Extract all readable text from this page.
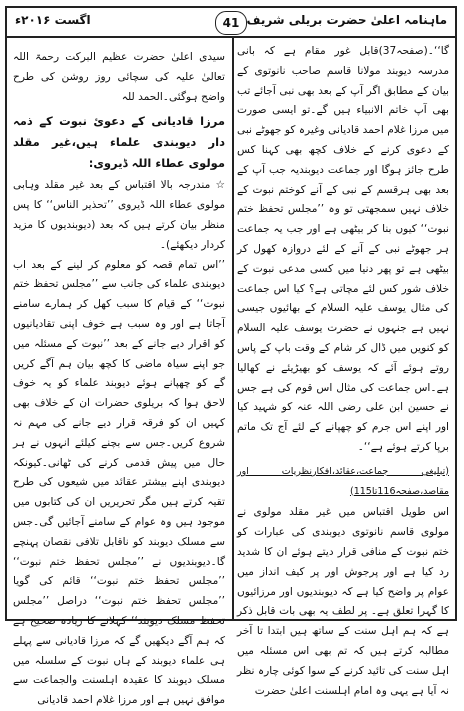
ماہنامہ اعلیٰ حضرت بریلی شریف
41
اگست ۲۰۱۶ء

سیدی اعلیٰ حضرت عظیم البرکت رحمۃ اللہ تعالیٰ علیہ کی سچائی روز روشن کی طرح واضح ہوگئی۔الحمد للہ

مرزا قادیانی کے دعوئ نبوت کے ذمہ دار دیوبندی علماء ہیں،غیر مقلد مولوی عطاء اللہ ڈیروی:

☆ مندرجہ بالا اقتباس کے بعد غیر مقلد وہابی مولوی عطاء اللہ ڈیروی ’’تحذیر الناس‘‘ کا پس منظر بیان کرتے ہیں کہ بعد (دیوبندیوں کا مزید کردار دیکھئے)۔

’’اس تمام قصہ کو معلوم کر لینے کے بعد اب دیوبندی علماء کی جانب سے ’’مجلس تحفظ ختم نبوت‘‘ کے قیام کا سبب کھل کر ہمارے سامنے آجاتا ہے اور وہ سبب ہے خوف اپنی تقادیانیوں کو اقرار دیے جانے کے بعد ’’نبوت کے مسئلہ میں جو اپنے سیاہ ماضی کا کچھ بیان ہم آگے کریں گے کو چھپانے ہوئے دیوبند علماء کو یہ خوف لاحق ہوا کہ بریلوی حضرات ان کے خلاف بھی کہیں ان کو فرقہ قرار دیے جانے کی مہم نہ شروع کریں۔جس سے بچنے کیلئے انہوں نے ہر حال میں پیش قدمی کرنے کی ٹھانی۔کیونکہ دیوبندی اپنے بیشتر عقائد میں شیعوں کی طرح تقیہ کرتے ہیں مگر تحریریں ان کی کتابوں میں موجود ہیں وہ عوام کے سامنے آجائیں گی۔جس سے مسلک دیوبند کو ناقابل تلافی نقصان پہنچے گا۔دیوبندیوں نے ’’مجلس تحفظ ختم نبوت‘‘ ’’مجلس تحفظ ختم نبوت‘‘ قائم کی گویا ’’مجلس تحفظ ختم نبوت‘‘ دراصل ’’مجلس تحفظ مسلک دیوبند‘‘ کہلانے کا زیادہ صحیح ہے کہ ہم آگے دیکھیں گے کہ مرزا قادیانی سے پہلے ہی علماء دیوبند کے ہاں نبوت کے سلسلہ میں مسلک دیوبند کا عقیدہ اہلسنت والجماعت سے موافق نہیں ہے اور مرزا غلام احمد قادیانی

گا‘‘۔(صفحہ37)قابل غور مقام ہے کہ بانی مدرسہ دیوبند مولانا قاسم صاحب نانوتوی کے بیان کے مطابق اگر آپ کے بعد بھی نبی آجائے تب بھی آپ خاتم الانبیاء ہیں گے۔تو ایسی صورت میں مرزا غلام احمد قادیانی وغیرہ کو جھوٹے نبی کے دعوی کرنے کے خلاف کچھ بھی کہنا کس طرح جائز ہوگا اور جماعت دیوبندیہ جب آپ کے بعد بھی ہرقسم کے نبی کے آنے کوختم نبوت کے خلاف نہیں سمجھتی تو وہ ’’مجلس تحفظ ختم نبوت‘‘ کیوں بنا کر بیٹھی ہے اور جب یہ جماعت ہر جھوٹے نبی کے آنے کے لئے دروازہ کھول کر بیٹھی ہے تو پھر دنیا میں کسی مدعی نبوت کے خلاف شور کس لئے مچاتی ہے؟ کیا اس جماعت کی مثال یوسف علیہ السلام کے بھائیوں جیسی نہیں ہے جنہوں نے حضرت یوسف علیہ السلام کو کنویں میں ڈال کر شام کے وقت باپ کے پاس روتے ہوئے آئے کہ یوسف کو بھیڑیئے نے کھالیا ہے۔اس جماعت کی مثال اس قوم کی ہے جس نے حسین ابن علی رضی اللہ عنہ کو شہید کیا اور اپنے اس جرم کو چھپانے کے لئے آج تک ماتم برپا کرتے ہوئے ہے‘‘۔

(تبلیغی جماعت،عقائد،افکارنظریات اور مقاصد،صفحہ116تا115)

اس طویل اقتباس میں غیر مقلد مولوی نے مولوی قاسم نانوتوی دیوبندی کی عبارات کو ختم نبوت کے منافی قرار دیتے ہوئے ان کا شدید رد کیا ہے اور پرجوش اور پر کیف انداز میں عوام پر واضح کیا ہے کہ دیوبندیوں اور مرزائیوں کا گہرا تعلق ہے۔ پر لطف یہ بھی بات قابل ذکر ہے کہ ہم اہل سنت کے ساتھ ہیں ابتدا تا آخر مطالبہ کرتے ہیں کہ تم بھی اس مسئلہ میں اہل سنت کی تائید کرنے کے سوا کوئی چارہ نظر نہ آیا ہے یہی وہ امام اہلسنت اعلیٰ حضرت
